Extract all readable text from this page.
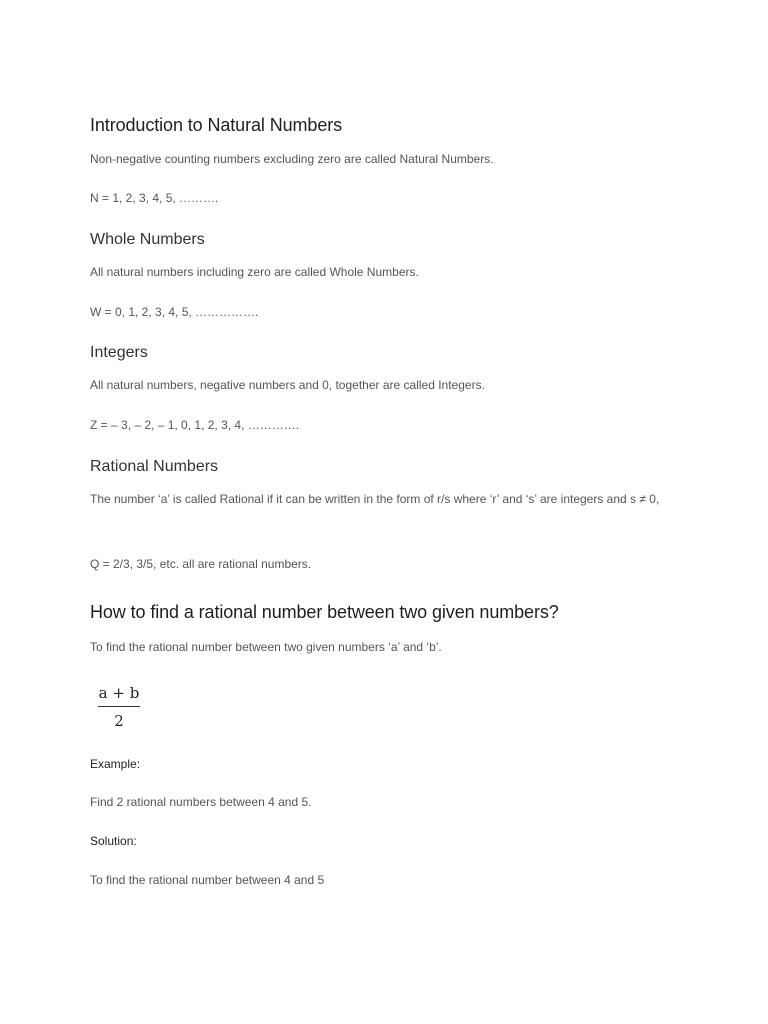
Introduction to Natural Numbers
Non-negative counting numbers excluding zero are called Natural Numbers.
N = 1, 2, 3, 4, 5, ……….
Whole Numbers
All natural numbers including zero are called Whole Numbers.
W = 0, 1, 2, 3, 4, 5, …………….
Integers
All natural numbers, negative numbers and 0, together are called Integers.
Z = – 3, – 2, – 1, 0, 1, 2, 3, 4, ………….
Rational Numbers
The number ‘a’ is called Rational if it can be written in the form of r/s where ‘r’ and ‘s’ are integers and s ≠ 0,
Q = 2/3, 3/5, etc. all are rational numbers.
How to find a rational number between two given numbers?
To find the rational number between two given numbers ‘a’ and ‘b’.
a + b
2
Example:
Find 2 rational numbers between 4 and 5.
Solution:
To find the rational number between 4 and 5
